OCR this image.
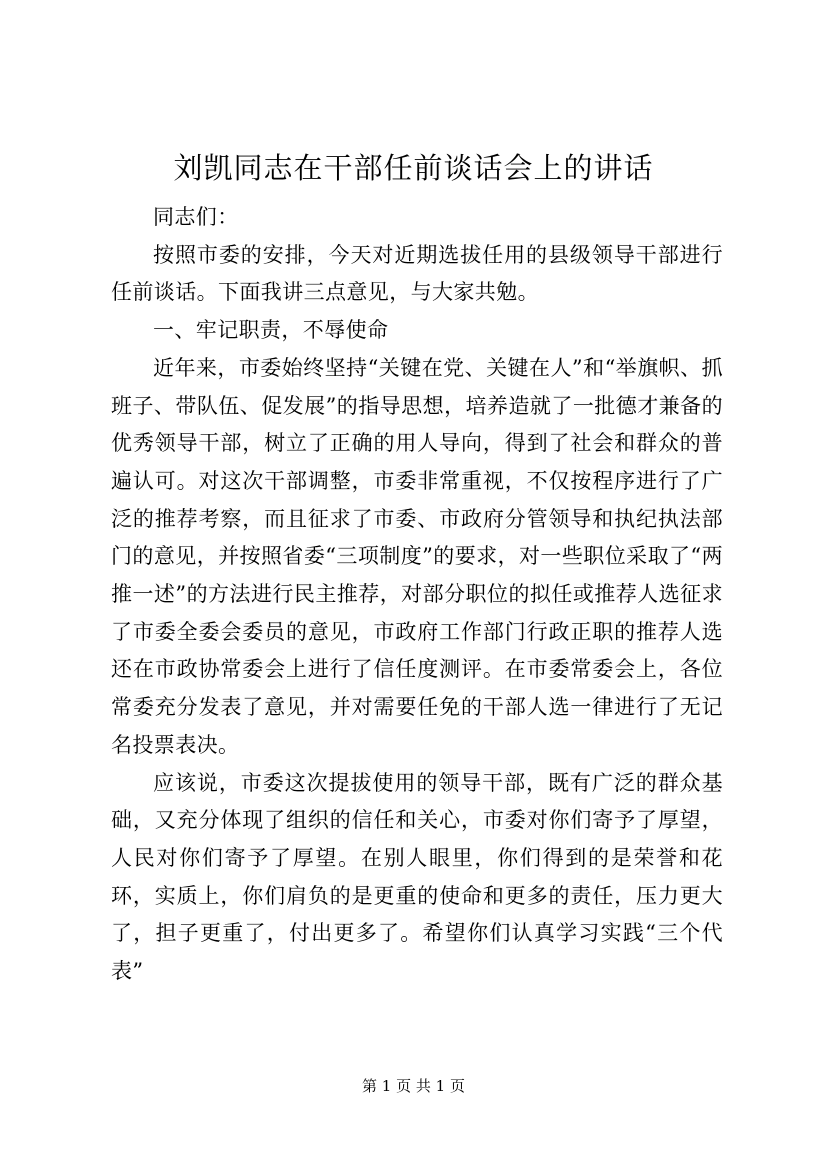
刘凯同志在干部任前谈话会上的讲话

同志们：

按照市委的安排，今天对近期选拔任用的县级领导干部进行任前谈话。下面我讲三点意见，与大家共勉。

一、牢记职责，不辱使命

近年来，市委始终坚持“关键在党、关键在人”和“举旗帜、抓班子、带队伍、促发展”的指导思想，培养造就了一批德才兼备的优秀领导干部，树立了正确的用人导向，得到了社会和群众的普遍认可。对这次干部调整，市委非常重视，不仅按程序进行了广泛的推荐考察，而且征求了市委、市政府分管领导和执纪执法部门的意见，并按照省委“三项制度”的要求，对一些职位采取了“两推一述”的方法进行民主推荐，对部分职位的拟任或推荐人选征求了市委全委会委员的意见，市政府工作部门行政正职的推荐人选还在市政协常委会上进行了信任度测评。在市委常委会上，各位常委充分发表了意见，并对需要任免的干部人选一律进行了无记名投票表决。

应该说，市委这次提拔使用的领导干部，既有广泛的群众基础，又充分体现了组织的信任和关心，市委对你们寄予了厚望，人民对你们寄予了厚望。在别人眼里，你们得到的是荣誉和花环，实质上，你们肩负的是更重的使命和更多的责任，压力更大了，担子更重了，付出更多了。希望你们认真学习实践“三个代表”

第 1 页 共 1 页
